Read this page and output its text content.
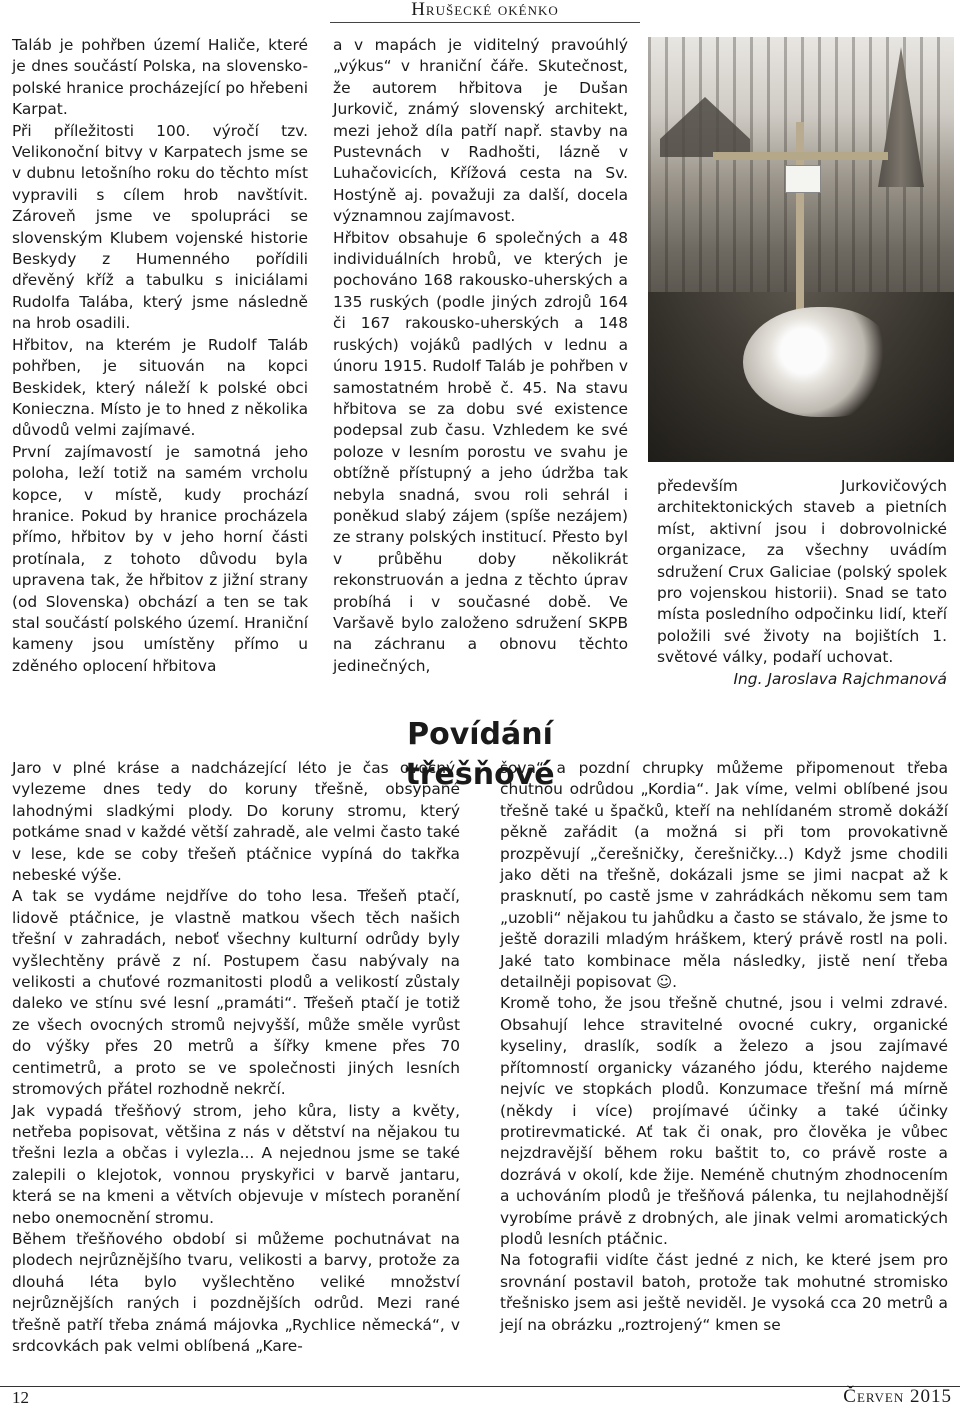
Hrušecké okénko

Taláb je pohřben území Haliče, které je dnes součástí Polska, na slovensko-polské hranice procházející po hřebeni Karpat.

Při příležitosti 100. výročí tzv. Velikonoční bitvy v Karpatech jsme se v dubnu letošního roku do těchto míst vypravili s cílem hrob navštívit. Zároveň jsme ve spolupráci se slovenským Klubem vojenské historie Beskydy z Humenného pořídili dřevěný kříž a tabulku s iniciálami Rudolfa Talába, který jsme následně na hrob osadili.

Hřbitov, na kterém je Rudolf Taláb pohřben, je situován na kopci Beskidek, který náleží k polské obci Konieczna. Místo je to hned z několika důvodů velmi zajímavé.

První zajímavostí je samotná jeho poloha, leží totiž na samém vrcholu kopce, v místě, kudy prochází hranice. Pokud by hranice procházela přímo, hřbitov by v jeho horní části protínala, z tohoto důvodu byla upravena tak, že hřbitov z jižní strany (od Slovenska) obchází a ten se tak stal součástí polského území. Hraniční kameny jsou umístěny přímo u zděného oplocení hřbitova

a v mapách je viditelný pravoúhlý „výkus“ v hraniční čáře. Skutečnost, že autorem hřbitova je Dušan Jurkovič, známý slovenský architekt, mezi jehož díla patří např. stavby na Pustevnách v Radhošti, lázně v Luhačovicích, Křížová cesta na Sv. Hostýně aj. považuji za další, docela významnou zajímavost.

Hřbitov obsahuje 6 společných a 48 individuálních hrobů, ve kterých je pochováno 168 rakousko-uherských a 135 ruských (podle jiných zdrojů 164 či 167 rakousko-uherských a 148 ruských) vojáků padlých v lednu a únoru 1915. Rudolf Taláb je pohřben v samostatném hrobě č. 45. Na stavu hřbitova se za dobu své existence podepsal zub času. Vzhledem ke své poloze v lesním porostu ve svahu je obtížně přístupný a jeho údržba tak nebyla snadná, svou roli sehrál i poněkud slabý zájem (spíše nezájem) ze strany polských institucí. Přesto byl v průběhu doby několikrát rekonstruován a jedna z těchto úprav probíhá i v současné době. Ve Varšavě bylo založeno sdružení SKPB na záchranu a obnovu těchto jedinečných,

především Jurkovičových architektonických staveb a pietních míst, aktivní jsou i dobrovolnické organizace, za všechny uvádím sdružení Crux Galiciae (polský spolek pro vojenskou historii). Snad se tato místa posledního odpočinku lidí, kteří položili své životy na bojištích 1. světové války, podaří uchovat.

Ing. Jaroslava Rajchmanová

Povídání třešňové

Jaro v plné kráse a nadcházející léto je čas ovocný, vylezeme dnes tedy do koruny třešně, obsypané lahodnými sladkými plody. Do koruny stromu, který potkáme snad v každé větší zahradě, ale velmi často také v lese, kde se coby třešeň ptáčnice vypíná do takřka nebeské výše.

A tak se vydáme nejdříve do toho lesa. Třešeň ptačí, lidově ptáčnice, je vlastně matkou všech těch našich třešní v zahradách, neboť všechny kulturní odrůdy byly vyšlechtěny právě z ní. Postupem času nabývaly na velikosti a chuťové rozmanitosti plodů a velikostí zůstaly daleko ve stínu své lesní „pramáti“. Třešeň ptačí je totiž ze všech ovocných stromů nejvyšší, může směle vyrůst do výšky přes 20 metrů a šířky kmene přes 70 centimetrů, a proto se ve společnosti jiných lesních stromových přátel rozhodně nekrčí.

Jak vypadá třešňový strom, jeho kůra, listy a květy, netřeba popisovat, většina z nás v dětství na nějakou tu třešni lezla a občas i vylezla... A nejednou jsme se také zalepili o klejotok, vonnou pryskyřici v barvě jantaru, která se na kmeni a větvích objevuje v místech poranění nebo onemocnění stromu.

Během třešňového období si můžeme pochutnávat na plodech nejrůznějšího tvaru, velikosti a barvy, protože za dlouhá léta bylo vyšlechtěno veliké množství nejrůznějších raných i pozdnějších odrůd. Mezi rané třešně patří třeba známá májovka „Rychlice německá“, v srdcovkách pak velmi oblíbená „Kare-

šova“ a pozdní chrupky můžeme připomenout třeba chutnou odrůdou „Kordia“. Jak víme, velmi oblíbené jsou třešně také u špačků, kteří na nehlídaném stromě dokáží pěkně zařádit (a možná si při tom provokativně prozpěvují „čerešničky, čerešničky...) Když jsme chodili jako děti na třešně, dokázali jsme se jimi nacpat až k prasknutí, po castě jsme v zahrádkách někomu sem tam „uzobli“ nějakou tu jahůdku a často se stávalo, že jsme to ještě dorazili mladým hráškem, který právě rostl na poli. Jaké tato kombinace měla následky, jistě není třeba detailněji popisovat ☺.

Kromě toho, že jsou třešně chutné, jsou i velmi zdravé. Obsahují lehce stravitelné ovocné cukry, organické kyseliny, draslík, sodík a železo a jsou zajímavé přítomností organicky vázaného jódu, kterého najdeme nejvíc ve stopkách plodů. Konzumace třešní má mírně (někdy i více) projímavé účinky a také účinky protirevmatické. Ať tak či onak, pro člověka je vůbec nejzdravější během roku baštit to, co právě roste a dozrává v okolí, kde žije. Neméně chutným zhodnocením a uchováním plodů je třešňová pálenka, tu nejlahodnější vyrobíme právě z drobných, ale jinak velmi aromatických plodů lesních ptáčnic.

Na fotografii vidíte část jedné z nich, ke které jsem pro srovnání postavil batoh, protože tak mohutné stromisko třešnisko jsem asi ještě neviděl. Je vysoká cca 20 metrů a její na obrázku „roztrojený“ kmen se

12	Červen 2015
